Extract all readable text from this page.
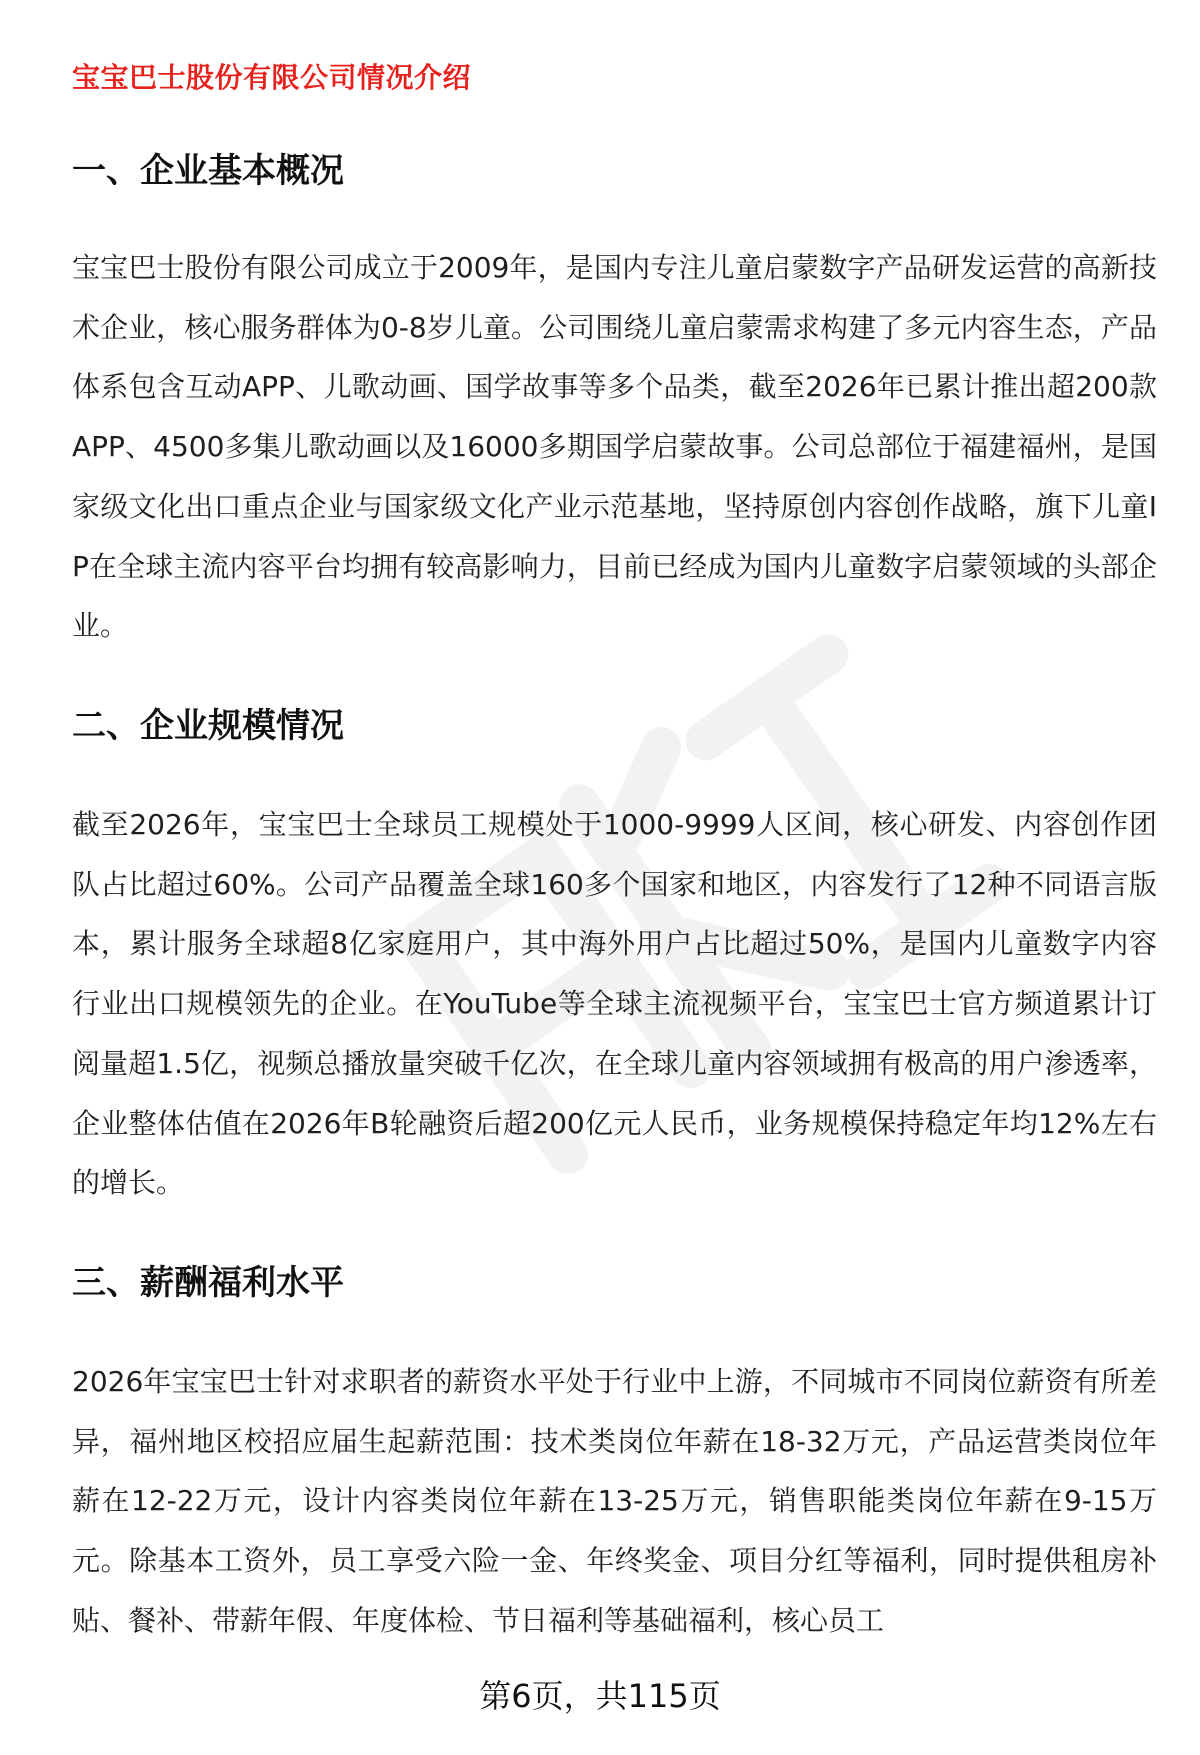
宝宝巴士股份有限公司情况介绍
一、企业基本概况
宝宝巴士股份有限公司成立于2009年，是国内专注儿童启蒙数字产品研发运营的高新技术企业，核心服务群体为0-8岁儿童。公司围绕儿童启蒙需求构建了多元内容生态，产品体系包含互动APP、儿歌动画、国学故事等多个品类，截至2026年已累计推出超200款APP、4500多集儿歌动画以及16000多期国学启蒙故事。公司总部位于福建福州，是国家级文化出口重点企业与国家级文化产业示范基地，坚持原创内容创作战略，旗下儿童IP在全球主流内容平台均拥有较高影响力，目前已经成为国内儿童数字启蒙领域的头部企业。
二、企业规模情况
截至2026年，宝宝巴士全球员工规模处于1000-9999人区间，核心研发、内容创作团队占比超过60%。公司产品覆盖全球160多个国家和地区，内容发行了12种不同语言版本，累计服务全球超8亿家庭用户，其中海外用户占比超过50%，是国内儿童数字内容行业出口规模领先的企业。在YouTube等全球主流视频平台，宝宝巴士官方频道累计订阅量超1.5亿，视频总播放量突破千亿次，在全球儿童内容领域拥有极高的用户渗透率，企业整体估值在2026年B轮融资后超200亿元人民币，业务规模保持稳定年均12%左右的增长。
三、薪酬福利水平
2026年宝宝巴士针对求职者的薪资水平处于行业中上游，不同城市不同岗位薪资有所差异，福州地区校招应届生起薪范围：技术类岗位年薪在18-32万元，产品运营类岗位年薪在12-22万元，设计内容类岗位年薪在13-25万元，销售职能类岗位年薪在9-15万元。除基本工资外，员工享受六险一金、年终奖金、项目分红等福利，同时提供租房补贴、餐补、带薪年假、年度体检、节日福利等基础福利，核心员工
第6页，共115页
